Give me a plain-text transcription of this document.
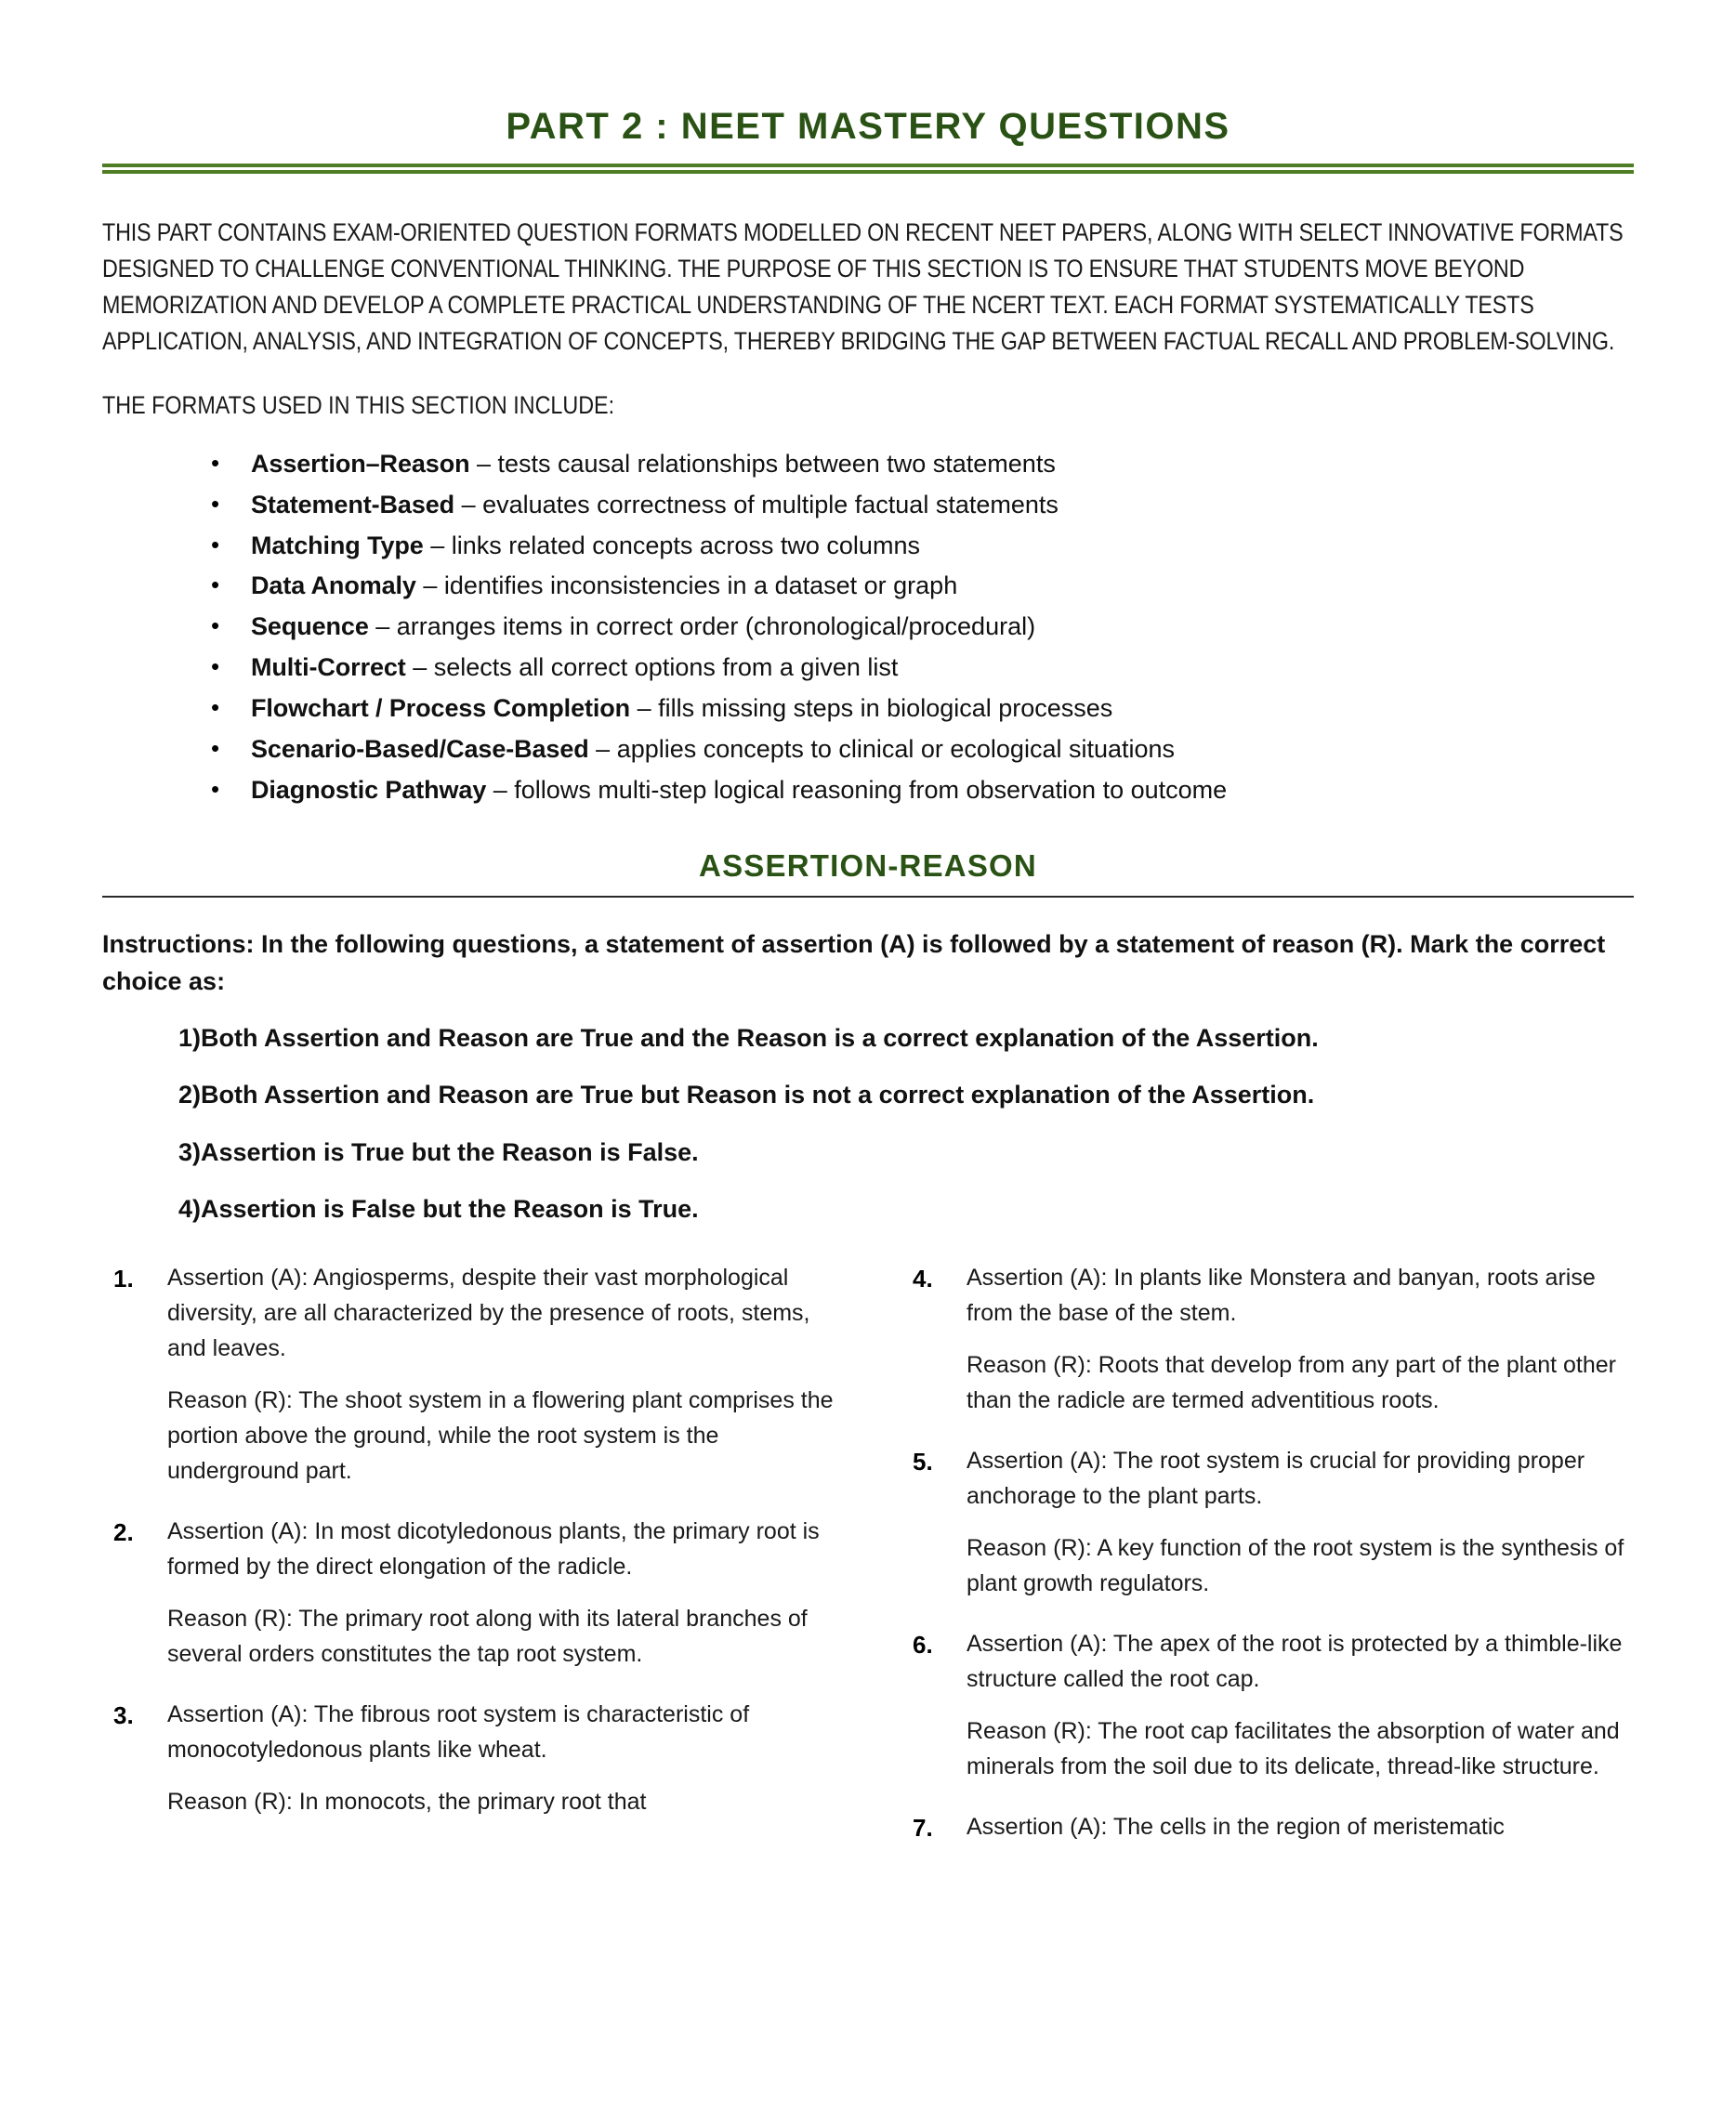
PART 2 : NEET MASTERY QUESTIONS
THIS PART CONTAINS EXAM-ORIENTED QUESTION FORMATS MODELLED ON RECENT NEET PAPERS, ALONG WITH SELECT INNOVATIVE FORMATS DESIGNED TO CHALLENGE CONVENTIONAL THINKING. THE PURPOSE OF THIS SECTION IS TO ENSURE THAT STUDENTS MOVE BEYOND MEMORIZATION AND DEVELOP A COMPLETE PRACTICAL UNDERSTANDING OF THE NCERT TEXT. EACH FORMAT SYSTEMATICALLY TESTS APPLICATION, ANALYSIS, AND INTEGRATION OF CONCEPTS, THEREBY BRIDGING THE GAP BETWEEN FACTUAL RECALL AND PROBLEM-SOLVING.
THE FORMATS USED IN THIS SECTION INCLUDE:
• Assertion–Reason – tests causal relationships between two statements
• Statement-Based – evaluates correctness of multiple factual statements
• Matching Type – links related concepts across two columns
• Data Anomaly – identifies inconsistencies in a dataset or graph
• Sequence – arranges items in correct order (chronological/procedural)
• Multi-Correct – selects all correct options from a given list
• Flowchart / Process Completion – fills missing steps in biological processes
• Scenario-Based/Case-Based – applies concepts to clinical or ecological situations
• Diagnostic Pathway – follows multi-step logical reasoning from observation to outcome
ASSERTION-REASON
Instructions: In the following questions, a statement of assertion (A) is followed by a statement of reason (R). Mark the correct choice as:
1)Both Assertion and Reason are True and the Reason is a correct explanation of the Assertion.
2)Both Assertion and Reason are True but Reason is not a correct explanation of the Assertion.
3)Assertion is True but the Reason is False.
4)Assertion is False but the Reason is True.
1. Assertion (A): Angiosperms, despite their vast morphological diversity, are all characterized by the presence of roots, stems, and leaves.

Reason (R): The shoot system in a flowering plant comprises the portion above the ground, while the root system is the underground part.

2. Assertion (A): In most dicotyledonous plants, the primary root is formed by the direct elongation of the radicle.

Reason (R): The primary root along with its lateral branches of several orders constitutes the tap root system.

3. Assertion (A): The fibrous root system is characteristic of monocotyledonous plants like wheat.

Reason (R): In monocots, the primary root that

4. Assertion (A): In plants like Monstera and banyan, roots arise from the base of the stem.

Reason (R): Roots that develop from any part of the plant other than the radicle are termed adventitious roots.

5. Assertion (A): The root system is crucial for providing proper anchorage to the plant parts.

Reason (R): A key function of the root system is the synthesis of plant growth regulators.

6. Assertion (A): The apex of the root is protected by a thimble-like structure called the root cap.

Reason (R): The root cap facilitates the absorption of water and minerals from the soil due to its delicate, thread-like structure.

7. Assertion (A): The cells in the region of meristematic
